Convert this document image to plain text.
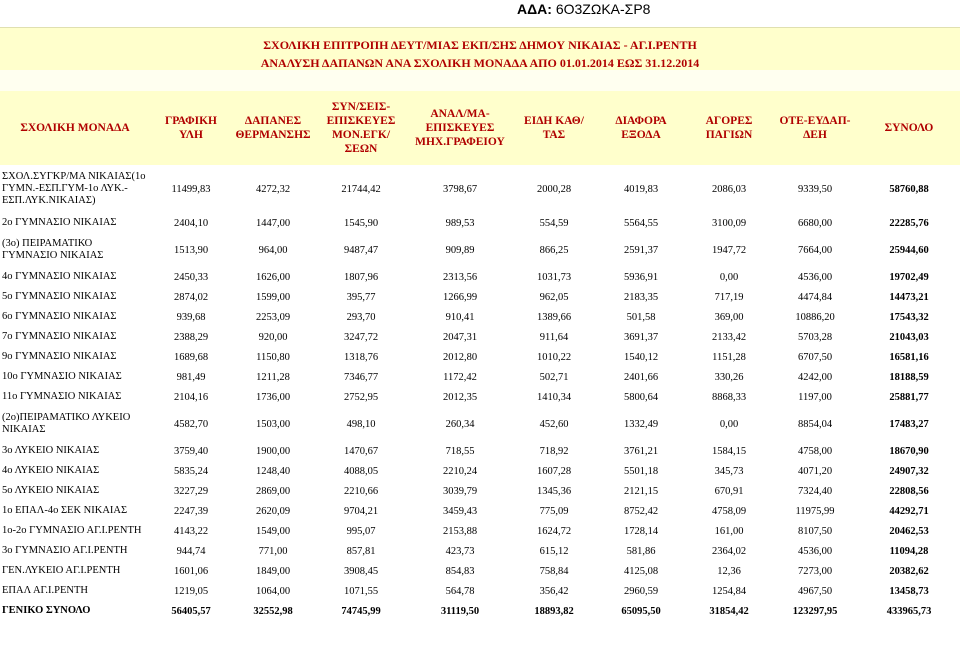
ΑΔΑ: 6Ο3ΖΩΚΑ-ΣΡ8
ΣΧΟΛΙΚΗ ΕΠΙΤΡΟΠΗ ΔΕΥΤ/ΜΙΑΣ ΕΚΠ/ΣΗΣ ΔΗΜΟΥ ΝΙΚΑΙΑΣ - ΑΓ.Ι.ΡΕΝΤΗ
ΑΝΑΛΥΣΗ ΔΑΠΑΝΩΝ ΑΝΑ ΣΧΟΛΙΚΗ ΜΟΝΑΔΑ ΑΠΟ 01.01.2014 ΕΩΣ 31.12.2014
ΣΧΟΛΙΚΗ ΜΟΝΑΔΑ	ΓΡΑΦΙΚΗ ΥΛΗ	ΔΑΠΑΝΕΣ ΘΕΡΜΑΝΣΗΣ	ΣΥΝ/ΣΕΙΣ-ΕΠΙΣΚΕΥΕΣ ΜΟΝ.ΕΓΚ/ΣΕΩΝ	ΑΝΑΛ/ΜΑ-ΕΠΙΣΚΕΥΕΣ ΜΗΧ.ΓΡΑΦΕΙΟΥ	ΕΙΔΗ ΚΑΘ/ΤΑΣ	ΔΙΑΦΟΡΑ ΕΞΟΔΑ	ΑΓΟΡΕΣ ΠΑΓΙΩΝ	ΟΤΕ-ΕΥΔΑΠ-ΔΕΗ	ΣΥΝΟΛΟ
ΣΧΟΛ.ΣΥΓΚΡ/ΜΑ ΝΙΚΑΙΑΣ(1ο ΓΥΜΝ.-ΕΣΠ.ΓΥΜ-1ο ΛΥΚ.-ΕΣΠ.ΛΥΚ.ΝΙΚΑΙΑΣ)	11499,83	4272,32	21744,42	3798,67	2000,28	4019,83	2086,03	9339,50	58760,88
2ο ΓΥΜΝΑΣΙΟ ΝΙΚΑΙΑΣ	2404,10	1447,00	1545,90	989,53	554,59	5564,55	3100,09	6680,00	22285,76
(3ο) ΠΕΙΡΑΜΑΤΙΚΟ ΓΥΜΝΑΣΙΟ ΝΙΚΑΙΑΣ	1513,90	964,00	9487,47	909,89	866,25	2591,37	1947,72	7664,00	25944,60
4ο ΓΥΜΝΑΣΙΟ ΝΙΚΑΙΑΣ	2450,33	1626,00	1807,96	2313,56	1031,73	5936,91	0,00	4536,00	19702,49
5ο ΓΥΜΝΑΣΙΟ ΝΙΚΑΙΑΣ	2874,02	1599,00	395,77	1266,99	962,05	2183,35	717,19	4474,84	14473,21
6ο ΓΥΜΝΑΣΙΟ ΝΙΚΑΙΑΣ	939,68	2253,09	293,70	910,41	1389,66	501,58	369,00	10886,20	17543,32
7ο ΓΥΜΝΑΣΙΟ ΝΙΚΑΙΑΣ	2388,29	920,00	3247,72	2047,31	911,64	3691,37	2133,42	5703,28	21043,03
9ο ΓΥΜΝΑΣΙΟ ΝΙΚΑΙΑΣ	1689,68	1150,80	1318,76	2012,80	1010,22	1540,12	1151,28	6707,50	16581,16
10ο ΓΥΜΝΑΣΙΟ ΝΙΚΑΙΑΣ	981,49	1211,28	7346,77	1172,42	502,71	2401,66	330,26	4242,00	18188,59
11ο ΓΥΜΝΑΣΙΟ ΝΙΚΑΙΑΣ	2104,16	1736,00	2752,95	2012,35	1410,34	5800,64	8868,33	1197,00	25881,77
(2ο)ΠΕΙΡΑΜΑΤΙΚΟ ΛΥΚΕΙΟ ΝΙΚΑΙΑΣ	4582,70	1503,00	498,10	260,34	452,60	1332,49	0,00	8854,04	17483,27
3ο ΛΥΚΕΙΟ ΝΙΚΑΙΑΣ	3759,40	1900,00	1470,67	718,55	718,92	3761,21	1584,15	4758,00	18670,90
4ο ΛΥΚΕΙΟ ΝΙΚΑΙΑΣ	5835,24	1248,40	4088,05	2210,24	1607,28	5501,18	345,73	4071,20	24907,32
5ο ΛΥΚΕΙΟ ΝΙΚΑΙΑΣ	3227,29	2869,00	2210,66	3039,79	1345,36	2121,15	670,91	7324,40	22808,56
1ο ΕΠΑΛ-4ο ΣΕΚ ΝΙΚΑΙΑΣ	2247,39	2620,09	9704,21	3459,43	775,09	8752,42	4758,09	11975,99	44292,71
1ο-2ο ΓΥΜΝΑΣΙΟ ΑΓ.Ι.ΡΕΝΤΗ	4143,22	1549,00	995,07	2153,88	1624,72	1728,14	161,00	8107,50	20462,53
3ο ΓΥΜΝΑΣΙΟ ΑΓ.Ι.ΡΕΝΤΗ	944,74	771,00	857,81	423,73	615,12	581,86	2364,02	4536,00	11094,28
ΓΕΝ.ΛΥΚΕΙΟ ΑΓ.Ι.ΡΕΝΤΗ	1601,06	1849,00	3908,45	854,83	758,84	4125,08	12,36	7273,00	20382,62
ΕΠΑΛ ΑΓ.Ι.ΡΕΝΤΗ	1219,05	1064,00	1071,55	564,78	356,42	2960,59	1254,84	4967,50	13458,73
ΓΕΝΙΚΟ ΣΥΝΟΛΟ	56405,57	32552,98	74745,99	31119,50	18893,82	65095,50	31854,42	123297,95	433965,73
